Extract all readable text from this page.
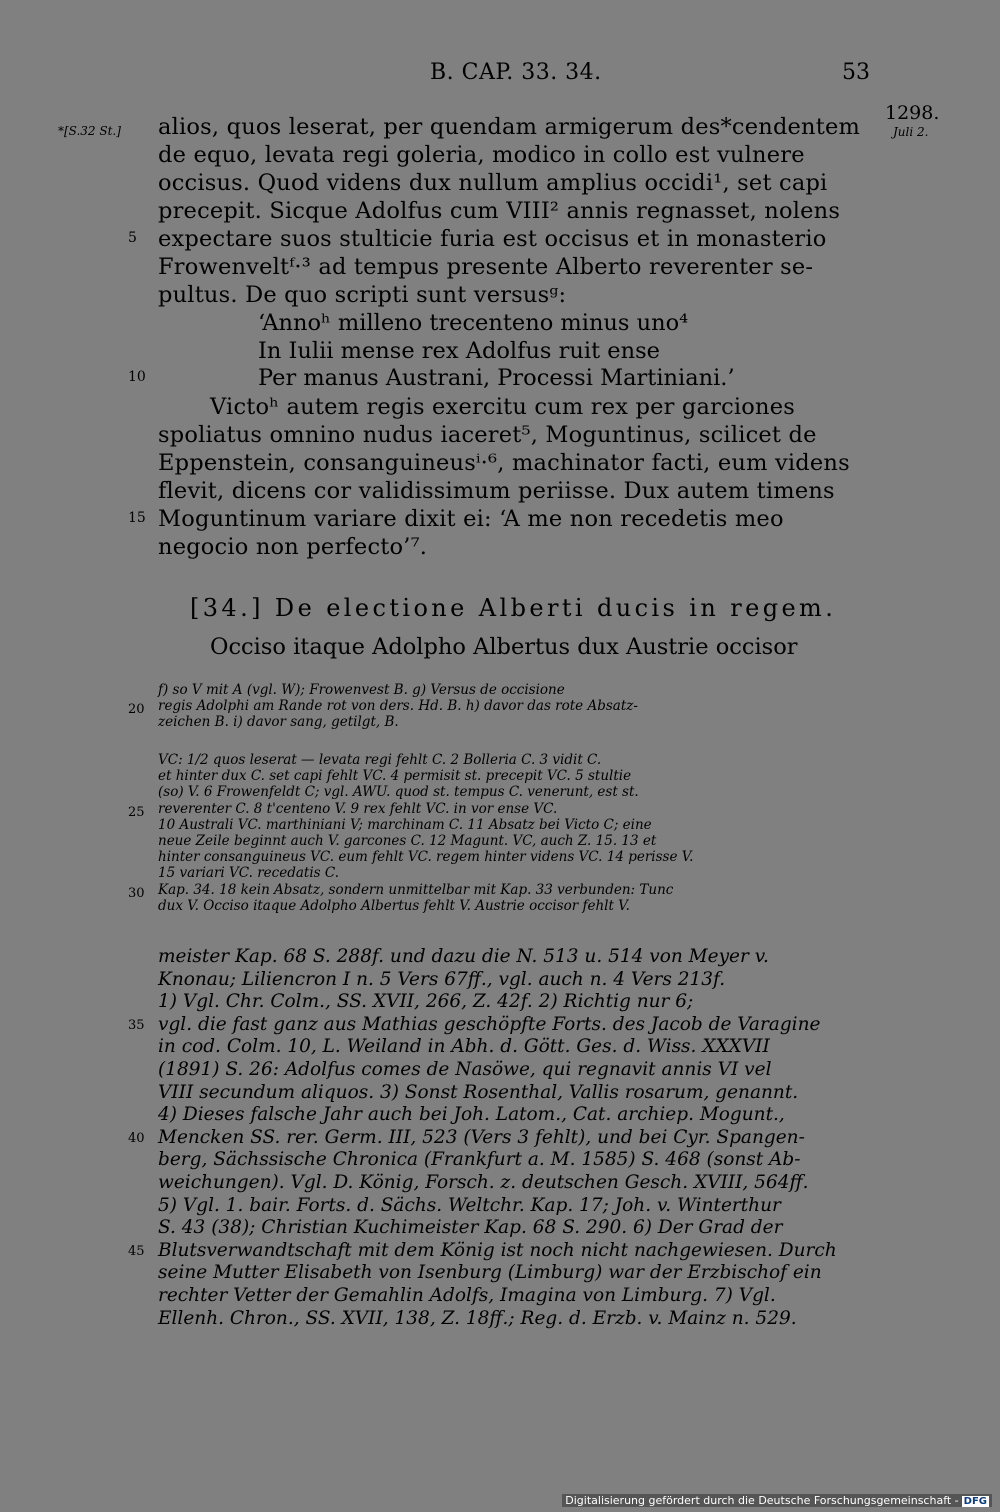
B. CAP. 33. 34.	53
*[S.32 St.]
1298.
Juli 2.
alios, quos leserat, per quendam armigerum des*cendentem
de equo, levata regi goleria, modico in collo est vulnere
occisus. Quod videns dux nullum amplius occidi¹, set capi
precepit. Sicque Adolfus cum VIII² annis regnasset, nolens
5 expectare suos stulticie furia est occisus et in monasterio
Frowenveltᶠ·³ ad tempus presente Alberto reverenter se-
pultus. De quo scripti sunt versusᵍ:
‘Annoʰ milleno trecenteno minus uno⁴
In Iulii mense rex Adolfus ruit ense
10	Per manus Austrani, Processi Martiniani.’
Victoʰ autem regis exercitu cum rex per garciones
spoliatus omnino nudus iaceret⁵, Moguntinus, scilicet de
Eppenstein, consanguineusⁱ·⁶, machinator facti, eum videns
flevit, dicens cor validissimum periisse. Dux autem timens
15 Moguntinum variare dixit ei: ‘A me non recedetis meo
negocio non perfecto’⁷.
[34.] De electione Alberti ducis in regem.
Occiso itaque Adolpho Albertus dux Austrie occisor
f) so V mit A (vgl. W); Frowenvest B. g) Versus de occisione
20 regis Adolphi am Rande rot von ders. Hd. B. h) davor das rote Absatz-
zeichen B. i) davor sang, getilgt, B.
VC: 1/2 quos leserat — levata regi fehlt C. 2 Bolleria C. 3 vidit C.
et hinter dux C. set capi fehlt VC. 4 permisit st. precepit VC. 5 stultie
(so) V. 6 Frowenfeldt C; vgl. AWU. quod st. tempus C. venerunt, est st.
25 reverenter C. 8 t'centeno V. 9 rex fehlt VC. in vor ense VC.
10 Australi VC. marthiniani V; marchinam C. 11 Absatz bei Victo C; eine
neue Zeile beginnt auch V. garcones C. 12 Magunt. VC, auch Z. 15. 13 et
hinter consanguineus VC. eum fehlt VC. regem hinter videns VC. 14 perisse V.
15 variari VC. recedatis C.
30 Kap. 34. 18 kein Absatz, sondern unmittelbar mit Kap. 33 verbunden: Tunc
dux V. Occiso itaque Adolpho Albertus fehlt V. Austrie occisor fehlt V.
meister Kap. 68 S. 288f. und dazu die N. 513 u. 514 von Meyer v.
Knonau; Liliencron I n. 5 Vers 67ff., vgl. auch n. 4 Vers 213f.
1) Vgl. Chr. Colm., SS. XVII, 266, Z. 42f. 2) Richtig nur 6;
35 vgl. die fast ganz aus Mathias geschöpfte Forts. des Jacob de Varagine
in cod. Colm. 10, L. Weiland in Abh. d. Gött. Ges. d. Wiss. XXXVII
(1891) S. 26: Adolfus comes de Nasöwe, qui regnavit annis VI vel
VIII secundum aliquos. 3) Sonst Rosenthal, Vallis rosarum, genannt.
4) Dieses falsche Jahr auch bei Joh. Latom., Cat. archiep. Mogunt.,
40 Mencken SS. rer. Germ. III, 523 (Vers 3 fehlt), und bei Cyr. Spangen-
berg, Sächssische Chronica (Frankfurt a. M. 1585) S. 468 (sonst Ab-
weichungen). Vgl. D. König, Forsch. z. deutschen Gesch. XVIII, 564ff.
5) Vgl. 1. bair. Forts. d. Sächs. Weltchr. Kap. 17; Joh. v. Winterthur
S. 43 (38); Christian Kuchimeister Kap. 68 S. 290. 6) Der Grad der
45 Blutsverwandtschaft mit dem König ist noch nicht nachgewiesen. Durch
seine Mutter Elisabeth von Isenburg (Limburg) war der Erzbischof ein
rechter Vetter der Gemahlin Adolfs, Imagina von Limburg. 7) Vgl.
Ellenh. Chron., SS. XVII, 138, Z. 18ff.; Reg. d. Erzb. v. Mainz n. 529.
Digitalisierung gefördert durch die Deutsche Forschungsgemeinschaft - DFG
